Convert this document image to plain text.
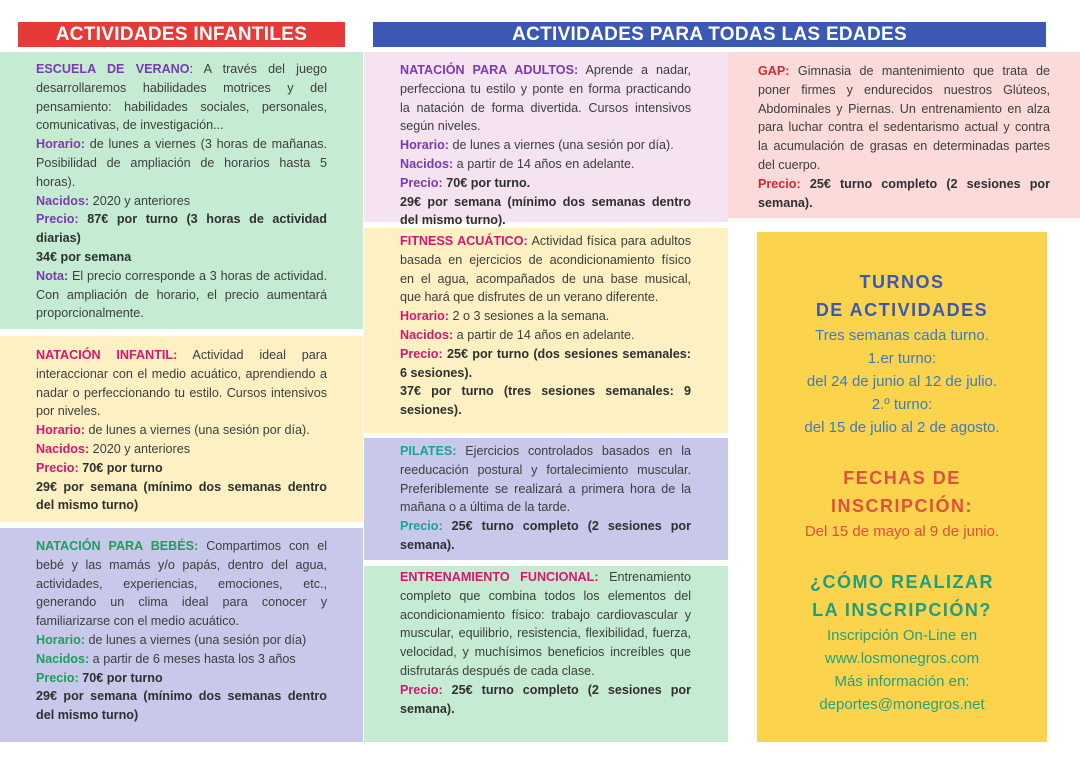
ACTIVIDADES INFANTILES	ACTIVIDADES PARA TODAS LAS EDADES

ESCUELA DE VERANO: A través del juego desarrollaremos habilidades motrices y del pensamiento: habilidades sociales, personales, comunicativas, de investigación...

Horario: de lunes a viernes (3 horas de mañanas. Posibilidad de ampliación de horarios hasta 5 horas).

Nacidos: 2020 y anteriores

Precio: 87€ por turno (3 horas de actividad diarias)

34€ por semana

Nota: El precio corresponde a 3 horas de actividad. Con ampliación de horario, el precio aumentará proporcionalmente.

NATACIÓN INFANTIL: Actividad ideal para interaccionar con el medio acuático, aprendiendo a nadar o perfeccionando tu estilo. Cursos intensivos por niveles.

Horario: de lunes a viernes (una sesión por día).

Nacidos: 2020 y anteriores

Precio: 70€ por turno

29€ por semana (mínimo dos semanas dentro del mismo turno)

NATACIÓN PARA BEBÉS: Compartimos con el bebé y las mamás y/o papás, dentro del agua, actividades, experiencias, emociones, etc., generando un clima ideal para conocer y familiarizarse con el medio acuático.

Horario: de lunes a viernes (una sesión por día)

Nacidos: a partir de 6 meses hasta los 3 años

Precio: 70€ por turno

29€ por semana (mínimo dos semanas dentro del mismo turno)

NATACIÓN PARA ADULTOS: Aprende a nadar, perfecciona tu estilo y ponte en forma practicando la natación de forma divertida. Cursos intensivos según niveles.

Horario: de lunes a viernes (una sesión por día).

Nacidos: a partir de 14 años en adelante.

Precio: 70€ por turno.

29€ por semana (mínimo dos semanas dentro del mismo turno).

FITNESS ACUÁTICO: Actividad física para adultos basada en ejercicios de acondicionamiento físico en el agua, acompañados de una base musical, que hará que disfrutes de un verano diferente.

Horario: 2 o 3 sesiones a la semana.

Nacidos: a partir de 14 años en adelante.

Precio: 25€ por turno (dos sesiones semanales: 6 sesiones).

37€ por turno (tres sesiones semanales: 9 sesiones).

PILATES: Ejercicios controlados basados en la reeducación postural y fortalecimiento muscular. Preferiblemente se realizará a primera hora de la mañana o a última de la tarde.

Precio: 25€ turno completo (2 sesiones por semana).

ENTRENAMIENTO FUNCIONAL: Entrenamiento completo que combina todos los elementos del acondicionamiento físico: trabajo cardiovascular y muscular, equilibrio, resistencia, flexibilidad, fuerza, velocidad, y muchísimos beneficios increíbles que disfrutarás después de cada clase.

Precio: 25€ turno completo (2 sesiones por semana).

GAP: Gimnasia de mantenimiento que trata de poner firmes y endurecidos nuestros Glúteos, Abdominales y Piernas. Un entrenamiento en alza para luchar contra el sedentarismo actual y contra la acumulación de grasas en determinadas partes del cuerpo.

Precio: 25€ turno completo (2 sesiones por semana).

TURNOS
DE ACTIVIDADES
Tres semanas cada turno.
1.er turno:
del 24 de junio al 12 de julio.
2.º turno:
del 15 de julio al 2 de agosto.
FECHAS DE
INSCRIPCIÓN:
Del 15 de mayo al 9 de junio.
¿CÓMO REALIZAR
LA INSCRIPCIÓN?
Inscripción On-Line en
www.losmonegros.com
Más información en:
deportes@monegros.net
